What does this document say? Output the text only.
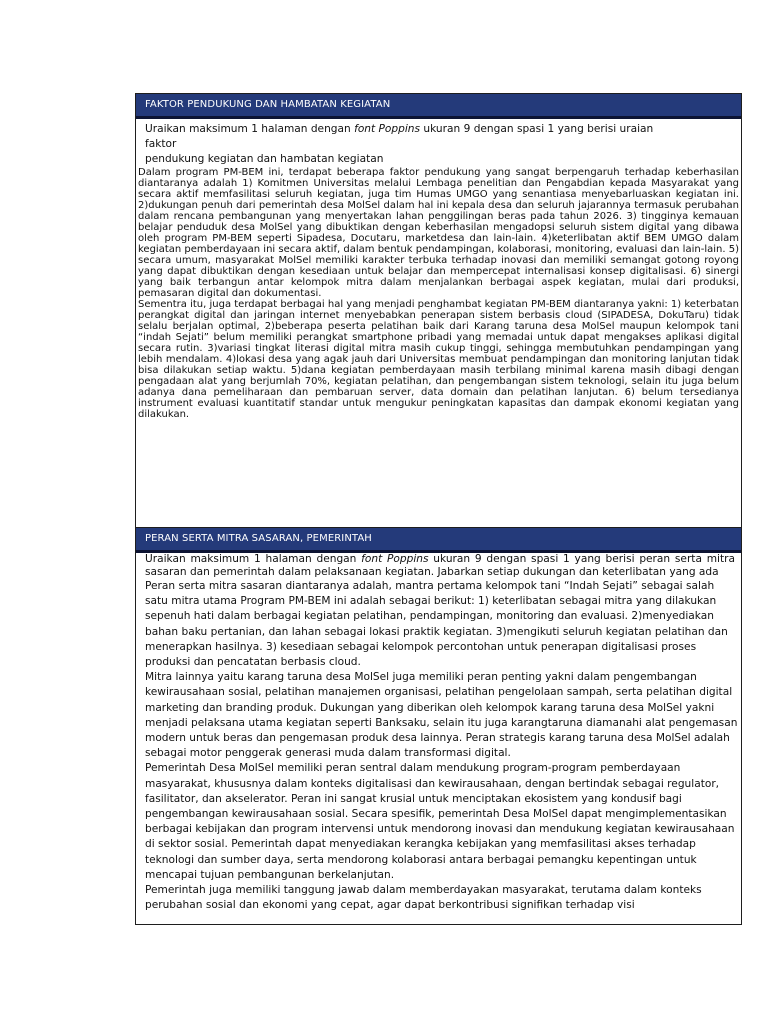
FAKTOR PENDUKUNG DAN HAMBATAN KEGIATAN

Uraikan maksimum 1 halaman dengan font Poppins ukuran 9 dengan spasi 1 yang berisi uraian

faktor

pendukung kegiatan dan hambatan kegiatan

Dalam program PM-BEM ini, terdapat beberapa faktor pendukung yang sangat berpengaruh terhadap keberhasilan diantaranya adalah 1) Komitmen Universitas melalui Lembaga penelitian dan Pengabdian kepada Masyarakat yang secara aktif memfasilitasi seluruh kegiatan, juga tim Humas UMGO yang senantiasa menyebarluaskan kegiatan ini. 2)dukungan penuh dari pemerintah desa MolSel dalam hal ini kepala desa dan seluruh jajarannya termasuk perubahan dalam rencana pembangunan yang menyertakan lahan penggilingan beras pada tahun 2026. 3) tingginya kemauan belajar penduduk desa MolSel yang dibuktikan dengan keberhasilan mengadopsi seluruh sistem digital yang dibawa oleh program PM-BEM seperti Sipadesa, Docutaru, marketdesa dan lain-lain. 4)keterlibatan aktif BEM UMGO dalam kegiatan pemberdayaan ini secara aktif, dalam bentuk pendampingan, kolaborasi, monitoring, evaluasi dan lain-lain. 5) secara umum, masyarakat MolSel memiliki karakter terbuka terhadap inovasi dan memiliki semangat gotong royong yang dapat dibuktikan dengan kesediaan untuk belajar dan mempercepat internalisasi konsep digitalisasi. 6) sinergi yang baik terbangun antar kelompok mitra dalam menjalankan berbagai aspek kegiatan, mulai dari produksi, pemasaran digital dan dokumentasi.

Sementra itu, juga terdapat berbagai hal yang menjadi penghambat kegiatan PM-BEM diantaranya yakni: 1) keterbatan perangkat digital dan jaringan internet menyebabkan penerapan sistem berbasis cloud (SIPADESA, DokuTaru) tidak selalu berjalan optimal, 2)beberapa peserta pelatihan baik dari Karang taruna desa MolSel maupun kelompok tani “indah Sejati” belum memiliki perangkat smartphone pribadi yang memadai untuk dapat mengakses aplikasi digital secara rutin. 3)variasi tingkat literasi digital mitra masih cukup tinggi, sehingga membutuhkan pendampingan yang lebih mendalam. 4)lokasi desa yang agak jauh dari Universitas membuat pendampingan dan monitoring lanjutan tidak bisa dilakukan setiap waktu. 5)dana kegiatan pemberdayaan masih terbilang minimal karena masih dibagi dengan pengadaan alat yang berjumlah 70%, kegiatan pelatihan, dan pengembangan sistem teknologi, selain itu juga belum adanya dana pemeliharaan dan pembaruan server, data domain dan pelatihan lanjutan. 6) belum tersedianya instrument evaluasi kuantitatif standar untuk mengukur peningkatan kapasitas dan dampak ekonomi kegiatan yang dilakukan.

PERAN SERTA MITRA SASARAN, PEMERINTAH

Uraikan maksimum 1 halaman dengan font Poppins ukuran 9 dengan spasi 1 yang berisi peran serta mitra sasaran dan pemerintah dalam pelaksanaan kegiatan. Jabarkan setiap dukungan dan keterlibatan yang ada

Peran serta mitra sasaran diantaranya adalah, mantra pertama kelompok tani “Indah Sejati” sebagai salah satu mitra utama Program PM-BEM ini adalah sebagai berikut: 1) keterlibatan sebagai mitra yang dilakukan sepenuh hati dalam berbagai kegiatan pelatihan, pendampingan, monitoring dan evaluasi. 2)menyediakan bahan baku pertanian, dan lahan sebagai lokasi praktik kegiatan. 3)mengikuti seluruh kegiatan pelatihan dan menerapkan hasilnya. 3) kesediaan sebagai kelompok percontohan untuk penerapan digitalisasi proses produksi dan pencatatan berbasis cloud.

Mitra lainnya yaitu karang taruna desa MolSel juga memiliki peran penting yakni dalam pengembangan kewirausahaan sosial, pelatihan manajemen organisasi, pelatihan pengelolaan sampah, serta pelatihan digital marketing dan branding produk. Dukungan yang diberikan oleh kelompok karang taruna desa MolSel yakni menjadi pelaksana utama kegiatan seperti Banksaku, selain itu juga karangtaruna diamanahi alat pengemasan modern untuk beras dan pengemasan produk desa lainnya. Peran strategis karang taruna desa MolSel adalah sebagai motor penggerak generasi muda dalam transformasi digital.

Pemerintah Desa MolSel memiliki peran sentral dalam mendukung program-program pemberdayaan masyarakat, khususnya dalam konteks digitalisasi dan kewirausahaan, dengan bertindak sebagai regulator, fasilitator, dan akselerator. Peran ini sangat krusial untuk menciptakan ekosistem yang kondusif bagi pengembangan kewirausahaan sosial. Secara spesifik, pemerintah Desa MolSel dapat mengimplementasikan berbagai kebijakan dan program intervensi untuk mendorong inovasi dan mendukung kegiatan kewirausahaan di sektor sosial. Pemerintah dapat menyediakan kerangka kebijakan yang memfasilitasi akses terhadap teknologi dan sumber daya, serta mendorong kolaborasi antara berbagai pemangku kepentingan untuk mencapai tujuan pembangunan berkelanjutan.

Pemerintah juga memiliki tanggung jawab dalam memberdayakan masyarakat, terutama dalam konteks perubahan sosial dan ekonomi yang cepat, agar dapat berkontribusi signifikan terhadap visi
